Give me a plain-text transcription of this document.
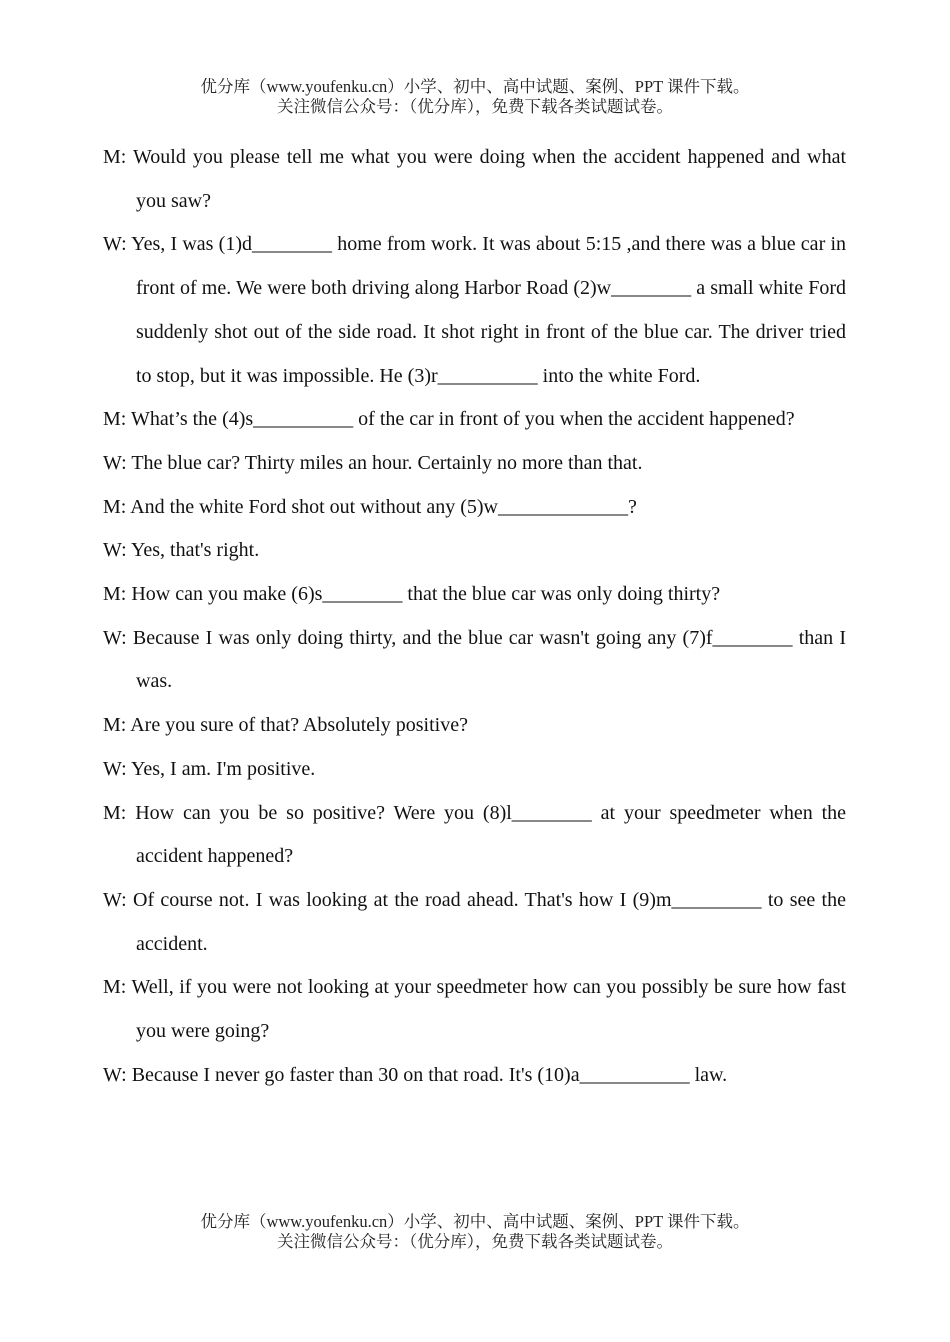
优分库（www.youfenku.cn）小学、初中、高中试题、案例、PPT 课件下载。
关注微信公众号：（优分库），免费下载各类试题试卷。
M: Would you please tell me what you were doing when the accident happened and what you saw?
W: Yes, I was (1)d________ home from work. It was about 5:15 ,and there was a blue car in front of me. We were both driving along Harbor Road (2)w________ a small white Ford suddenly shot out of the side road. It shot right in front of the blue car. The driver tried to stop, but it was impossible. He (3)r__________ into the white Ford.
M: What’s the (4)s__________ of the car in front of you when the accident happened?
W: The blue car? Thirty miles an hour. Certainly no more than that.
M: And the white Ford shot out without any (5)w_____________?
W: Yes, that's right.
M: How can you make (6)s________ that the blue car was only doing thirty?
W: Because I was only doing thirty, and the blue car wasn't going any (7)f________ than I was.
M: Are you sure of that? Absolutely positive?
W: Yes, I am. I'm positive.
M: How can you be so positive? Were you (8)l________ at your speedmeter when the accident happened?
W: Of course not. I was looking at the road ahead. That's how I (9)m_________ to see the accident.
M: Well, if you were not looking at your speedmeter how can you possibly be sure how fast you were going?
W: Because I never go faster than 30 on that road. It's (10)a___________ law.
优分库（www.youfenku.cn）小学、初中、高中试题、案例、PPT 课件下载。
关注微信公众号：（优分库），免费下载各类试题试卷。
